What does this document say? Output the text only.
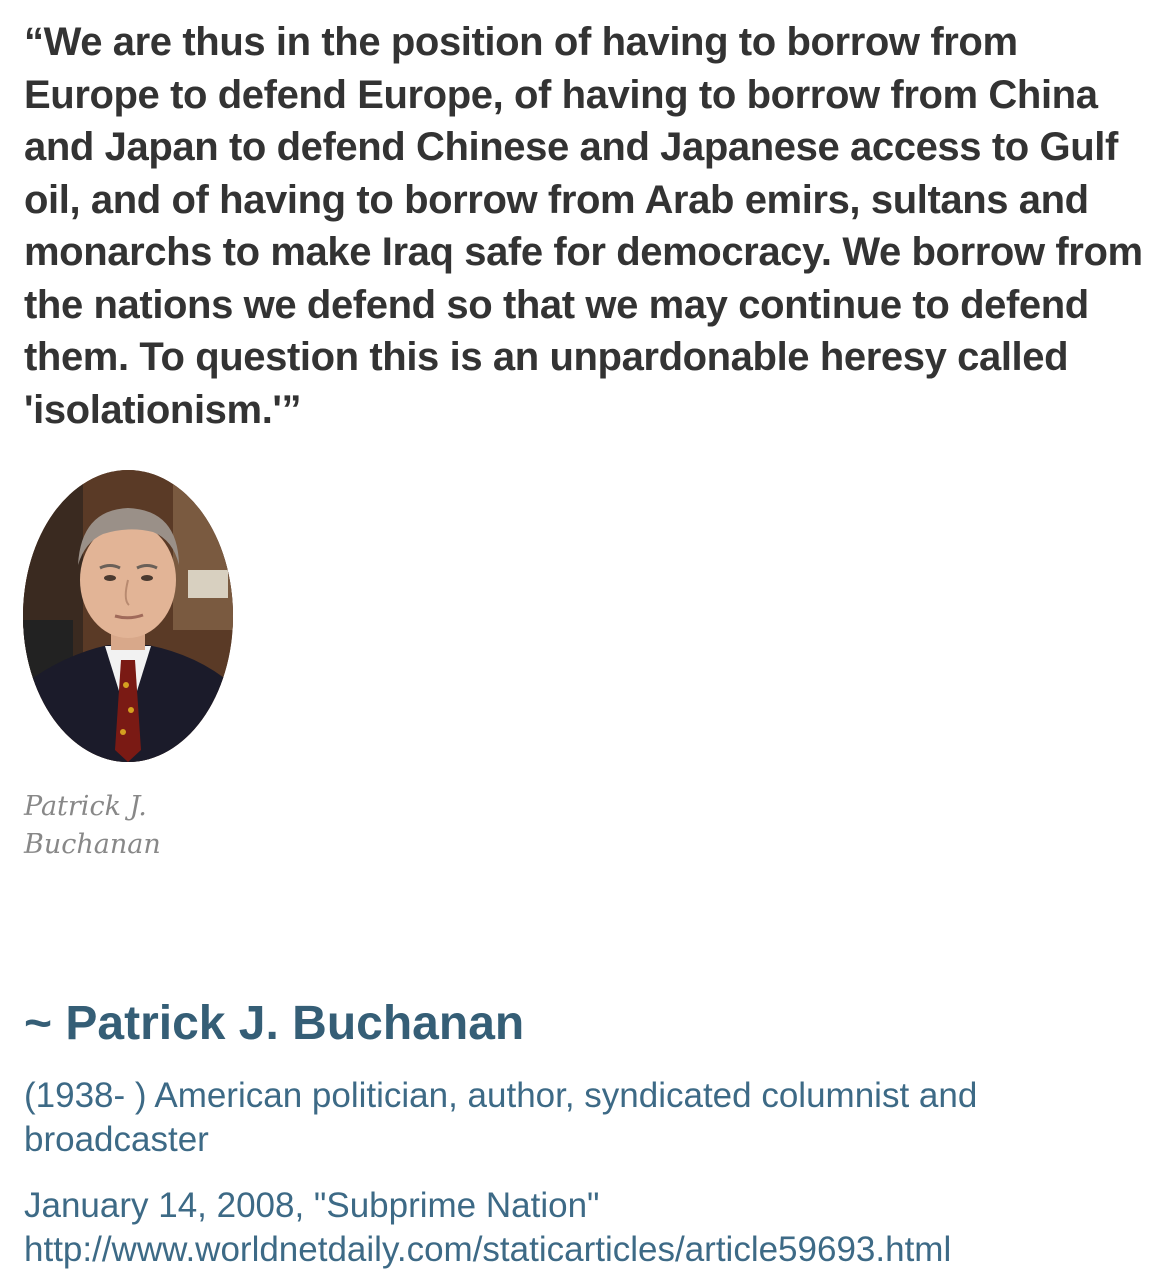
“We are thus in the position of having to borrow from Europe to defend Europe, of having to borrow from China and Japan to defend Chinese and Japanese access to Gulf oil, and of having to borrow from Arab emirs, sultans and monarchs to make Iraq safe for democracy. We borrow from the nations we defend so that we may continue to defend them. To question this is an unpardonable heresy called 'isolationism.'”

Patrick J.
Buchanan

~ Patrick J. Buchanan

(1938- ) American politician, author, syndicated columnist and broadcaster

January 14, 2008, "Subprime Nation"
http://www.worldnetdaily.com/staticarticles/article59693.html
